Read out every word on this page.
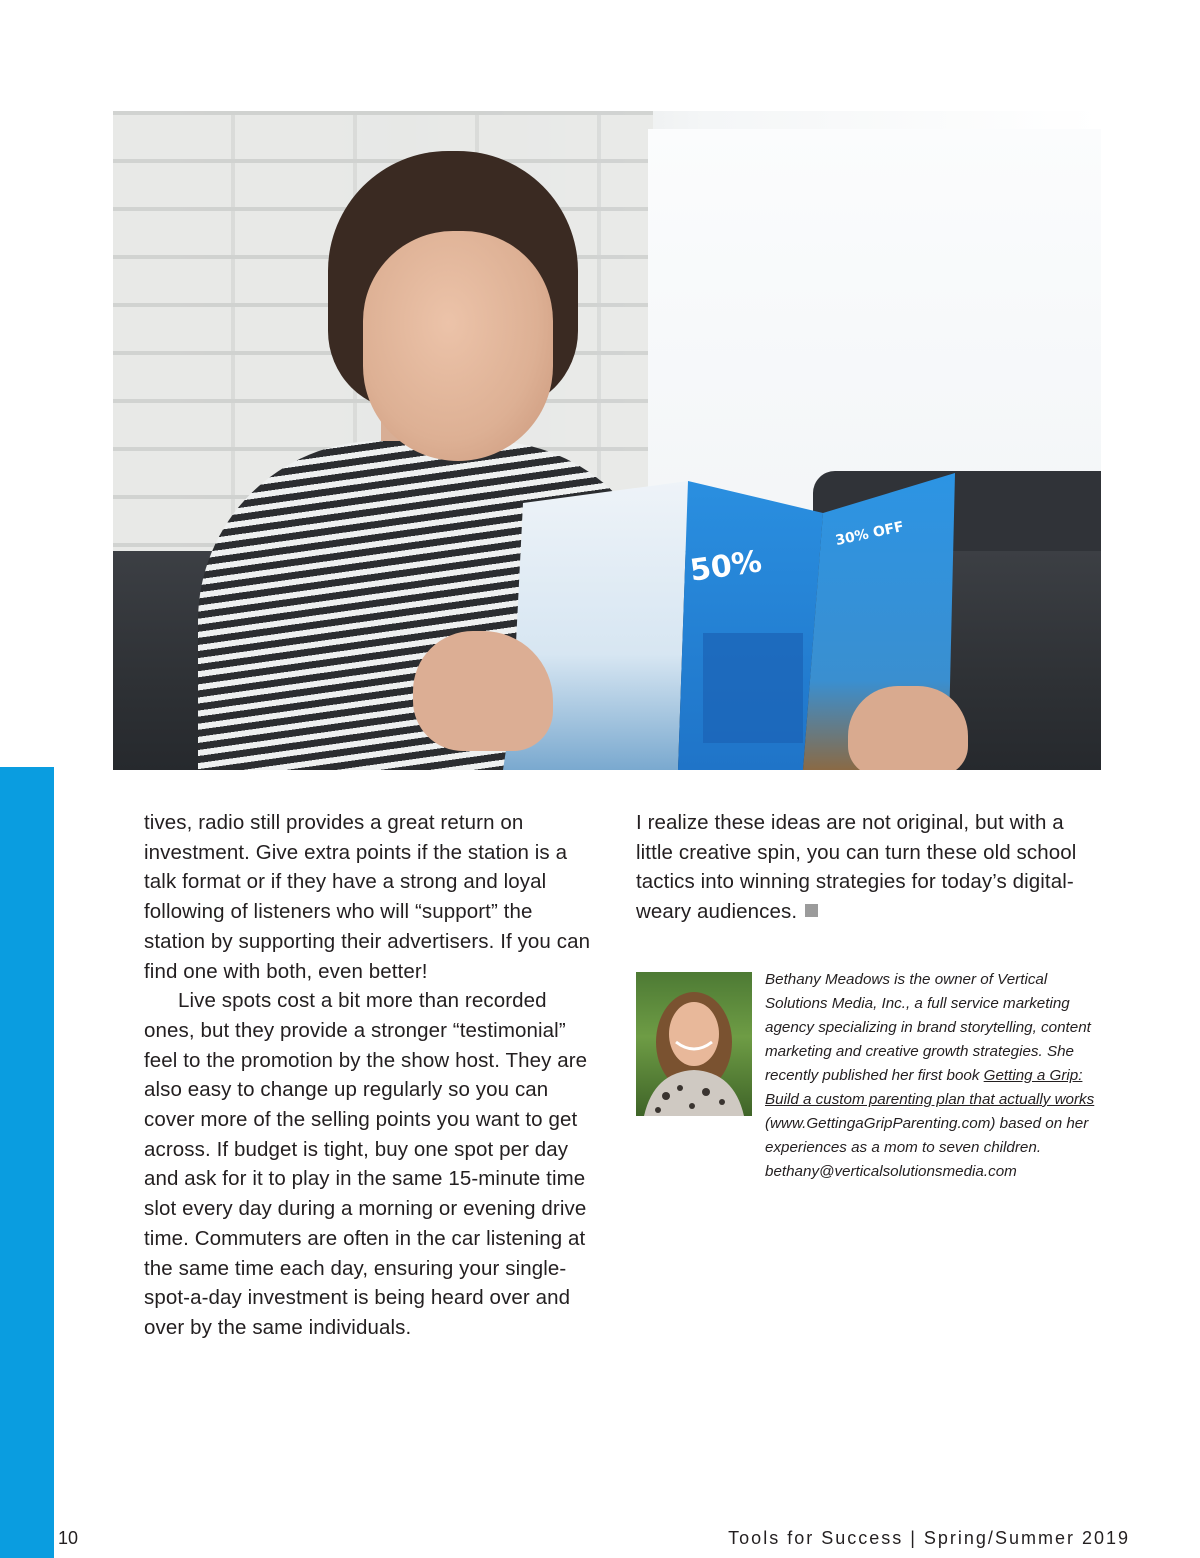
50%
30% OFF

tives, radio still provides a great return on investment. Give extra points if the station is a talk format or if they have a strong and loyal following of listeners who will “support” the station by supporting their advertisers. If you can find one with both, even better!

Live spots cost a bit more than recorded ones, but they provide a stronger “testimonial” feel to the promotion by the show host. They are also easy to change up regularly so you can cover more of the selling points you want to get across. If budget is tight, buy one spot per day and ask for it to play in the same 15-minute time slot every day during a morning or evening drive time. Commuters are often in the car listening at the same time each day, ensuring your single-spot-a-day investment is being heard over and over by the same individuals.

I realize these ideas are not original, but with a little creative spin, you can turn these old school tactics into winning strategies for today’s digital-weary audiences.

Bethany Meadows is the owner of Vertical Solutions Media, Inc., a full service marketing agency specializing in brand storytelling, content marketing and creative growth strategies. She recently published her first book Getting a Grip: Build a custom parenting plan that actually works (www.GettingaGripParenting.com) based on her experiences as a mom to seven children.
bethany@verticalsolutionsmedia.com
10	Tools for Success | Spring/Summer 2019
